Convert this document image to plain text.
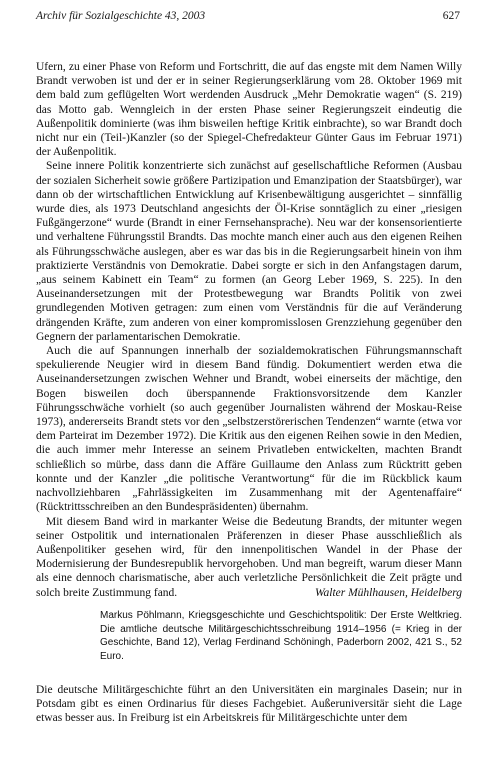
Archiv für Sozialgeschichte 43, 2003	627

Ufern, zu einer Phase von Reform und Fortschritt, die auf das engste mit dem Namen Willy Brandt verwoben ist und der er in seiner Regierungserklärung vom 28. Oktober 1969 mit dem bald zum geflügelten Wort werdenden Ausdruck „Mehr Demokratie wagen“ (S. 219) das Motto gab. Wenngleich in der ersten Phase seiner Regierungszeit eindeutig die Außenpolitik dominierte (was ihm bisweilen heftige Kritik einbrachte), so war Brandt doch nicht nur ein (Teil-)Kanzler (so der Spiegel-Chefredakteur Günter Gaus im Februar 1971) der Außenpolitik.

Seine innere Politik konzentrierte sich zunächst auf gesellschaftliche Reformen (Ausbau der sozialen Sicherheit sowie größere Partizipation und Emanzipation der Staatsbürger), war dann ob der wirtschaftlichen Entwicklung auf Krisenbewältigung ausgerichtet – sinnfällig wurde dies, als 1973 Deutschland angesichts der Öl-Krise sonntäglich zu einer „riesigen Fußgängerzone“ wurde (Brandt in einer Fernsehansprache). Neu war der konsensorientierte und verhaltene Führungsstil Brandts. Das mochte manch einer auch aus den eigenen Reihen als Führungsschwäche auslegen, aber es war das bis in die Regierungsarbeit hinein von ihm praktizierte Verständnis von Demokratie. Dabei sorgte er sich in den Anfangstagen darum, „aus seinem Kabinett ein Team“ zu formen (an Georg Leber 1969, S. 225). In den Auseinandersetzungen mit der Protestbewegung war Brandts Politik von zwei grundlegenden Motiven getragen: zum einen vom Verständnis für die auf Veränderung drängenden Kräfte, zum anderen von einer kompromisslosen Grenzziehung gegenüber den Gegnern der parlamentarischen Demokratie.

Auch die auf Spannungen innerhalb der sozialdemokratischen Führungsmannschaft spekulierende Neugier wird in diesem Band fündig. Dokumentiert werden etwa die Auseinandersetzungen zwischen Wehner und Brandt, wobei einerseits der mächtige, den Bogen bisweilen doch überspannende Fraktionsvorsitzende dem Kanzler Führungsschwäche vorhielt (so auch gegenüber Journalisten während der Moskau-Reise 1973), andererseits Brandt stets vor den „selbstzerstörerischen Tendenzen“ warnte (etwa vor dem Parteirat im Dezember 1972). Die Kritik aus den eigenen Reihen sowie in den Medien, die auch immer mehr Interesse an seinem Privatleben entwickelten, machten Brandt schließlich so mürbe, dass dann die Affäre Guillaume den Anlass zum Rücktritt geben konnte und der Kanzler „die politische Verantwortung“ für die im Rückblick kaum nachvollziehbaren „Fahrlässigkeiten im Zusammenhang mit der Agentenaffaire“ (Rücktrittsschreiben an den Bundespräsidenten) übernahm.

Mit diesem Band wird in markanter Weise die Bedeutung Brandts, der mitunter wegen seiner Ostpolitik und internationalen Präferenzen in dieser Phase ausschließlich als Außenpolitiker gesehen wird, für den innenpolitischen Wandel in der Phase der Modernisierung der Bundesrepublik hervorgehoben. Und man begreift, warum dieser Mann als eine dennoch charismatische, aber auch verletzliche Persönlichkeit die Zeit prägte und solch breite Zustimmung fand.	Walter Mühlhausen, Heidelberg

Markus Pöhlmann, Kriegsgeschichte und Geschichtspolitik: Der Erste Weltkrieg. Die amtliche deutsche Militärgeschichtsschreibung 1914–1956 (= Krieg in der Geschichte, Band 12), Verlag Ferdinand Schöningh, Paderborn 2002, 421 S., 52 Euro.

Die deutsche Militärgeschichte führt an den Universitäten ein marginales Dasein; nur in Potsdam gibt es einen Ordinarius für dieses Fachgebiet. Außeruniversitär sieht die Lage etwas besser aus. In Freiburg ist ein Arbeitskreis für Militärgeschichte unter dem
